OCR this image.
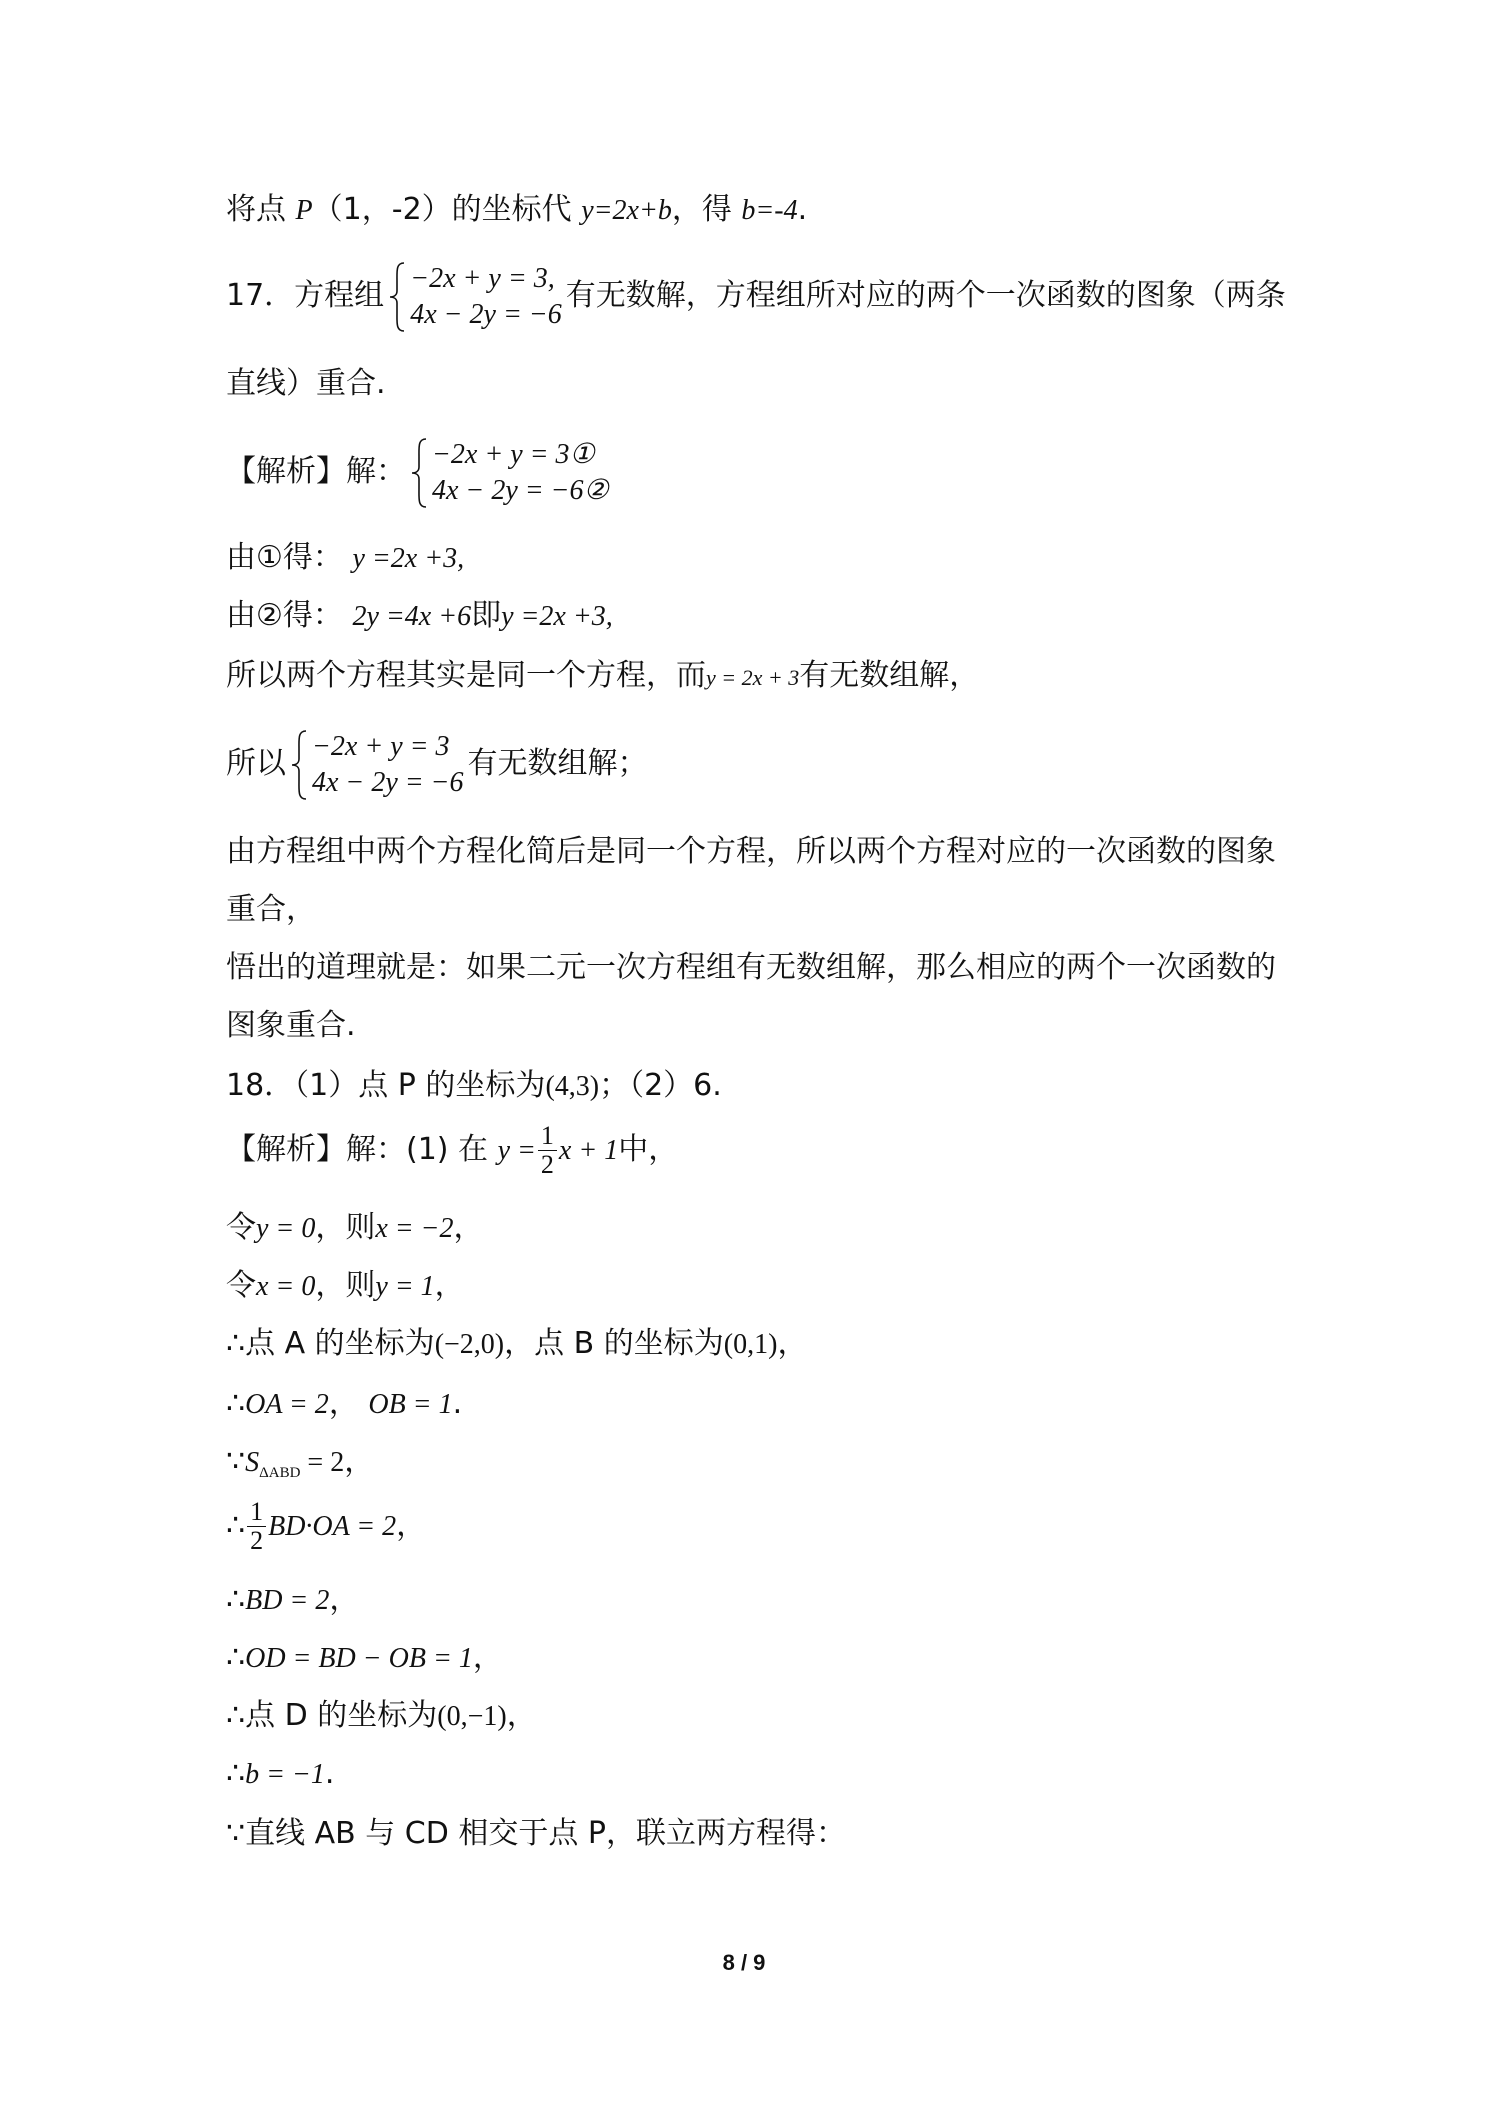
将点 P（1，-2）的坐标代 y=2x+b，得 b=-4.
17．方程组 −2x + y = 3,
4x − 2y = −6
有无数解，方程组所对应的两个一次函数的图象（两条
直线）重合.
【解析】解： −2x + y = 3①
4x − 2y = −6②
由①得： y =2x +3,
由②得： 2y =4x +6即y =2x +3,
所以两个方程其实是同一个方程，而y = 2x + 3有无数组解，
所以 −2x + y = 3
4x − 2y = −6
有无数组解；
由方程组中两个方程化简后是同一个方程，所以两个方程对应的一次函数的图象
重合，
悟出的道理就是：如果二元一次方程组有无数组解，那么相应的两个一次函数的
图象重合.
18．（1）点 P 的坐标为(4,3)；（2）6.
【解析】解：(1) 在 $y = \frac{1}{2}$ x + 1中，
令y = 0，则x = −2，
令x = 0，则y = 1，
∴点 A 的坐标为(−2,0)，点 B 的坐标为(0,1)，
∴OA = 2， OB = 1.
$\because S_{\Delta ABD} = 2$，
∴ $\frac{1}{2} BD\cdot OA = 2$，
∴BD = 2，
∴OD = BD − OB = 1，
∴点 D 的坐标为(0,−1)，
∴b = −1.
∵直线 AB 与 CD 相交于点 P，联立两方程得：
8 / 9
